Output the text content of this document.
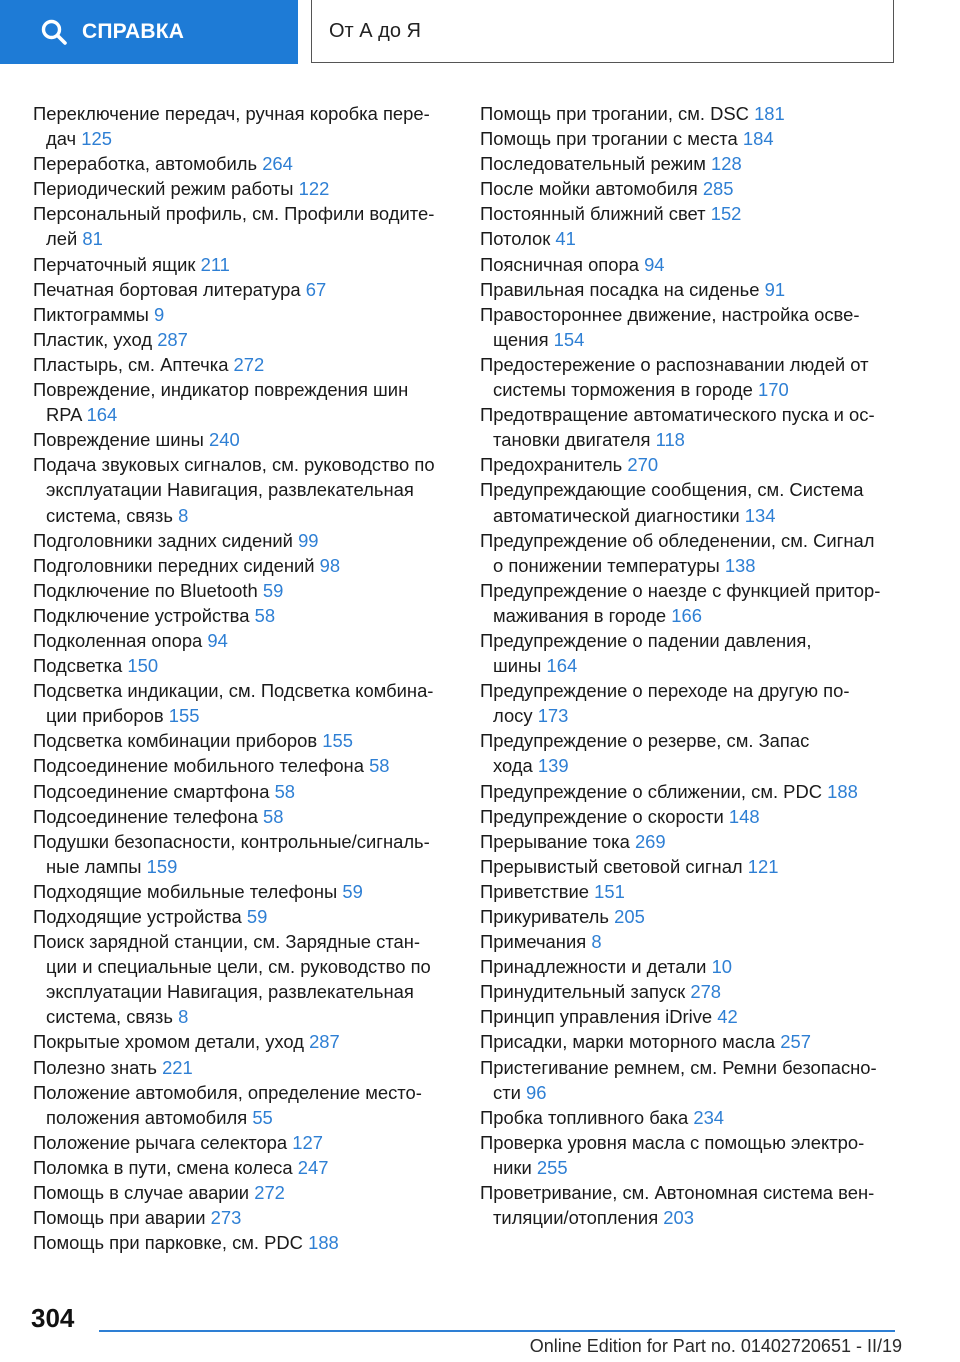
СПРАВКА	От А до Я
Переключение передач, ручная коробка пере-
дач 125
Переработка, автомобиль 264
Периодический режим работы 122
Персональный профиль, см. Профили водите-
лей 81
Перчаточный ящик 211
Печатная бортовая литература 67
Пиктограммы 9
Пластик, уход 287
Пластырь, см. Аптечка 272
Повреждение, индикатор повреждения шин
RPA 164
Повреждение шины 240
Подача звуковых сигналов, см. руководство по
эксплуатации Навигация, развлекательная
система, связь 8
Подголовники задних сидений 99
Подголовники передних сидений 98
Подключение по Bluetooth 59
Подключение устройства 58
Подколенная опора 94
Подсветка 150
Подсветка индикации, см. Подсветка комбина-
ции приборов 155
Подсветка комбинации приборов 155
Подсоединение мобильного телефона 58
Подсоединение смартфона 58
Подсоединение телефона 58
Подушки безопасности, контрольные/сигналь-
ные лампы 159
Подходящие мобильные телефоны 59
Подходящие устройства 59
Поиск зарядной станции, см. Зарядные стан-
ции и специальные цели, см. руководство по
эксплуатации Навигация, развлекательная
система, связь 8
Покрытые хромом детали, уход 287
Полезно знать 221
Положение автомобиля, определение место-
положения автомобиля 55
Положение рычага селектора 127
Поломка в пути, смена колеса 247
Помощь в случае аварии 272
Помощь при аварии 273
Помощь при парковке, см. PDC 188
Помощь при трогании, см. DSC 181
Помощь при трогании с места 184
Последовательный режим 128
После мойки автомобиля 285
Постоянный ближний свет 152
Потолок 41
Поясничная опора 94
Правильная посадка на сиденье 91
Правостороннее движение, настройка осве-
щения 154
Предостережение о распознавании людей от
системы торможения в городе 170
Предотвращение автоматического пуска и ос-
тановки двигателя 118
Предохранитель 270
Предупреждающие сообщения, см. Система
автоматической диагностики 134
Предупреждение об обледенении, см. Сигнал
о понижении температуры 138
Предупреждение о наезде с функцией притор-
маживания в городе 166
Предупреждение о падении давления,
шины 164
Предупреждение о переходе на другую по-
лосу 173
Предупреждение о резерве, см. Запас
хода 139
Предупреждение о сближении, см. PDC 188
Предупреждение о скорости 148
Прерывание тока 269
Прерывистый световой сигнал 121
Приветствие 151
Прикуриватель 205
Примечания 8
Принадлежности и детали 10
Принудительный запуск 278
Принцип управления iDrive 42
Присадки, марки моторного масла 257
Пристегивание ремнем, см. Ремни безопасно-
сти 96
Пробка топливного бака 234
Проверка уровня масла с помощью электро-
ники 255
Проветривание, см. Автономная система вен-
тиляции/отопления 203
304
Online Edition for Part no. 01402720651 - II/19
